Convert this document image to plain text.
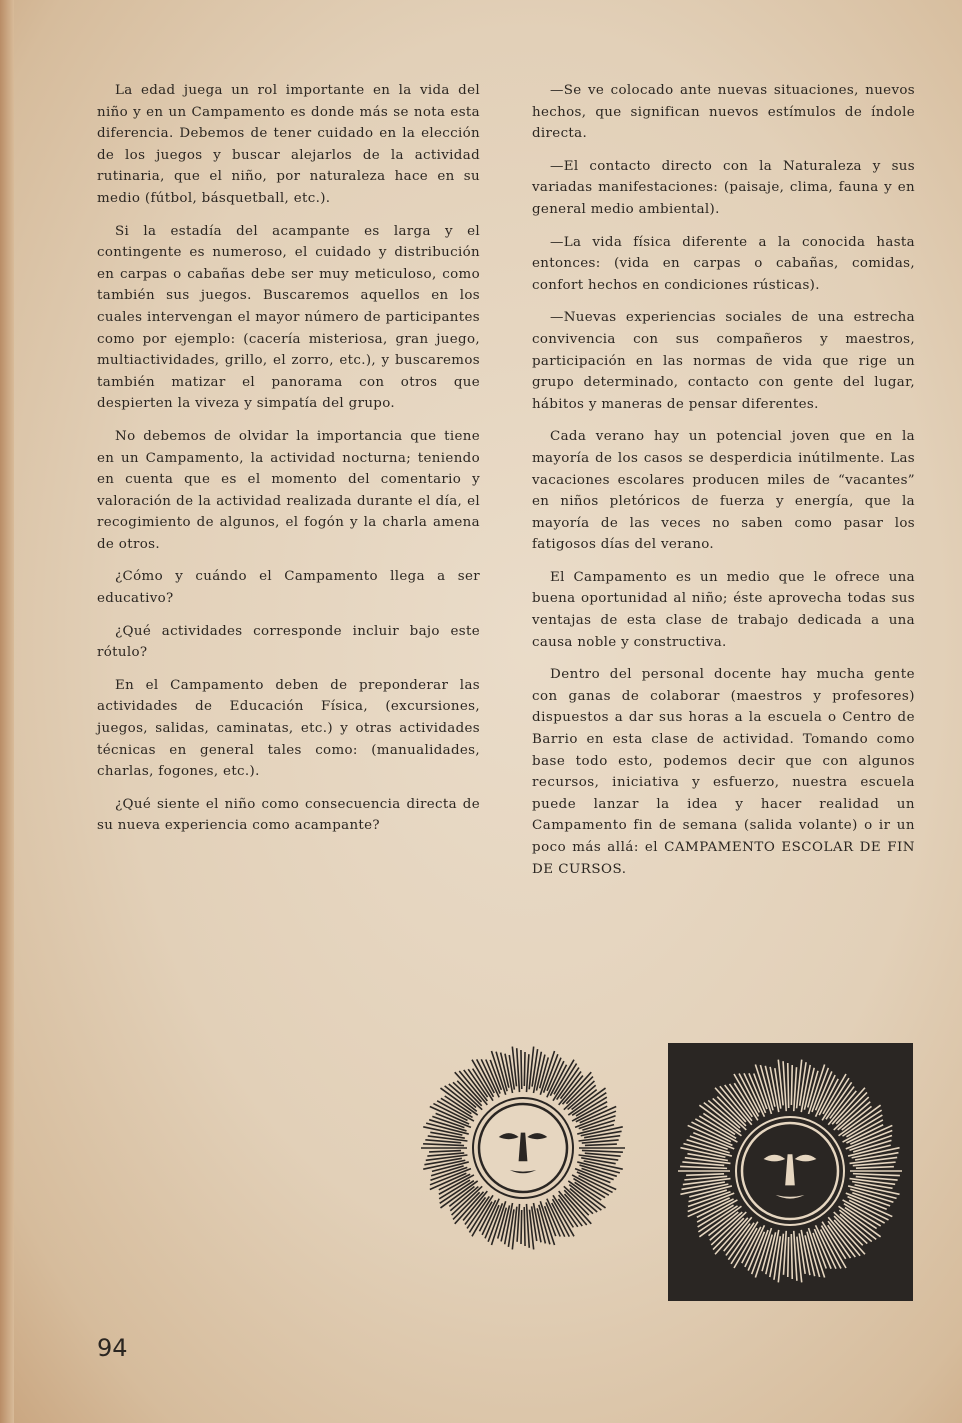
La edad juega un rol importante en la vida del niño y en un Campamento es donde más se nota esta diferencia. Debemos de tener cuidado en la elección de los juegos y buscar alejarlos de la actividad rutinaria, que el niño, por naturaleza hace en su medio (fútbol, básquetball, etc.).

Si la estadía del acampante es larga y el contingente es numeroso, el cuidado y distribución en carpas o cabañas debe ser muy meticuloso, como también sus juegos. Buscaremos aquellos en los cuales intervengan el mayor número de participantes como por ejemplo: (cacería misteriosa, gran juego, multiactividades, grillo, el zorro, etc.), y buscaremos también matizar el panorama con otros que despierten la viveza y simpatía del grupo.

No debemos de olvidar la importancia que tiene en un Campamento, la actividad nocturna; teniendo en cuenta que es el momento del comentario y valoración de la actividad realizada durante el día, el recogimiento de algunos, el fogón y la charla amena de otros.

¿Cómo y cuándo el Campamento llega a ser educativo?

¿Qué actividades corresponde incluir bajo este rótulo?

En el Campamento deben de preponderar las actividades de Educación Física, (excursiones, juegos, salidas, caminatas, etc.) y otras actividades técnicas en general tales como: (manualidades, charlas, fogones, etc.).

¿Qué siente el niño como consecuencia directa de su nueva experiencia como acampante?

—Se ve colocado ante nuevas situaciones, nuevos hechos, que significan nuevos estímulos de índole directa.

—El contacto directo con la Naturaleza y sus variadas manifestaciones: (paisaje, clima, fauna y en general medio ambiental).

—La vida física diferente a la conocida hasta entonces: (vida en carpas o cabañas, comidas, confort hechos en condiciones rústicas).

—Nuevas experiencias sociales de una estrecha convivencia con sus compañeros y maestros, participación en las normas de vida que rige un grupo determinado, contacto con gente del lugar, hábitos y maneras de pensar diferentes.

Cada verano hay un potencial joven que en la mayoría de los casos se desperdicia inútilmente. Las vacaciones escolares producen miles de “vacantes” en niños pletóricos de fuerza y energía, que la mayoría de las veces no saben como pasar los fatigosos días del verano.

El Campamento es un medio que le ofrece una buena oportunidad al niño; éste aprovecha todas sus ventajas de esta clase de trabajo dedicada a una causa noble y constructiva.

Dentro del personal docente hay mucha gente con ganas de colaborar (maestros y profesores) dispuestos a dar sus horas a la escuela o Centro de Barrio en esta clase de actividad. Tomando como base todo esto, podemos decir que con algunos recursos, iniciativa y esfuerzo, nuestra escuela puede lanzar la idea y hacer realidad un Campamento fin de semana (salida volante) o ir un poco más allá: el CAMPAMENTO ESCOLAR DE FIN DE CURSOS.

94
